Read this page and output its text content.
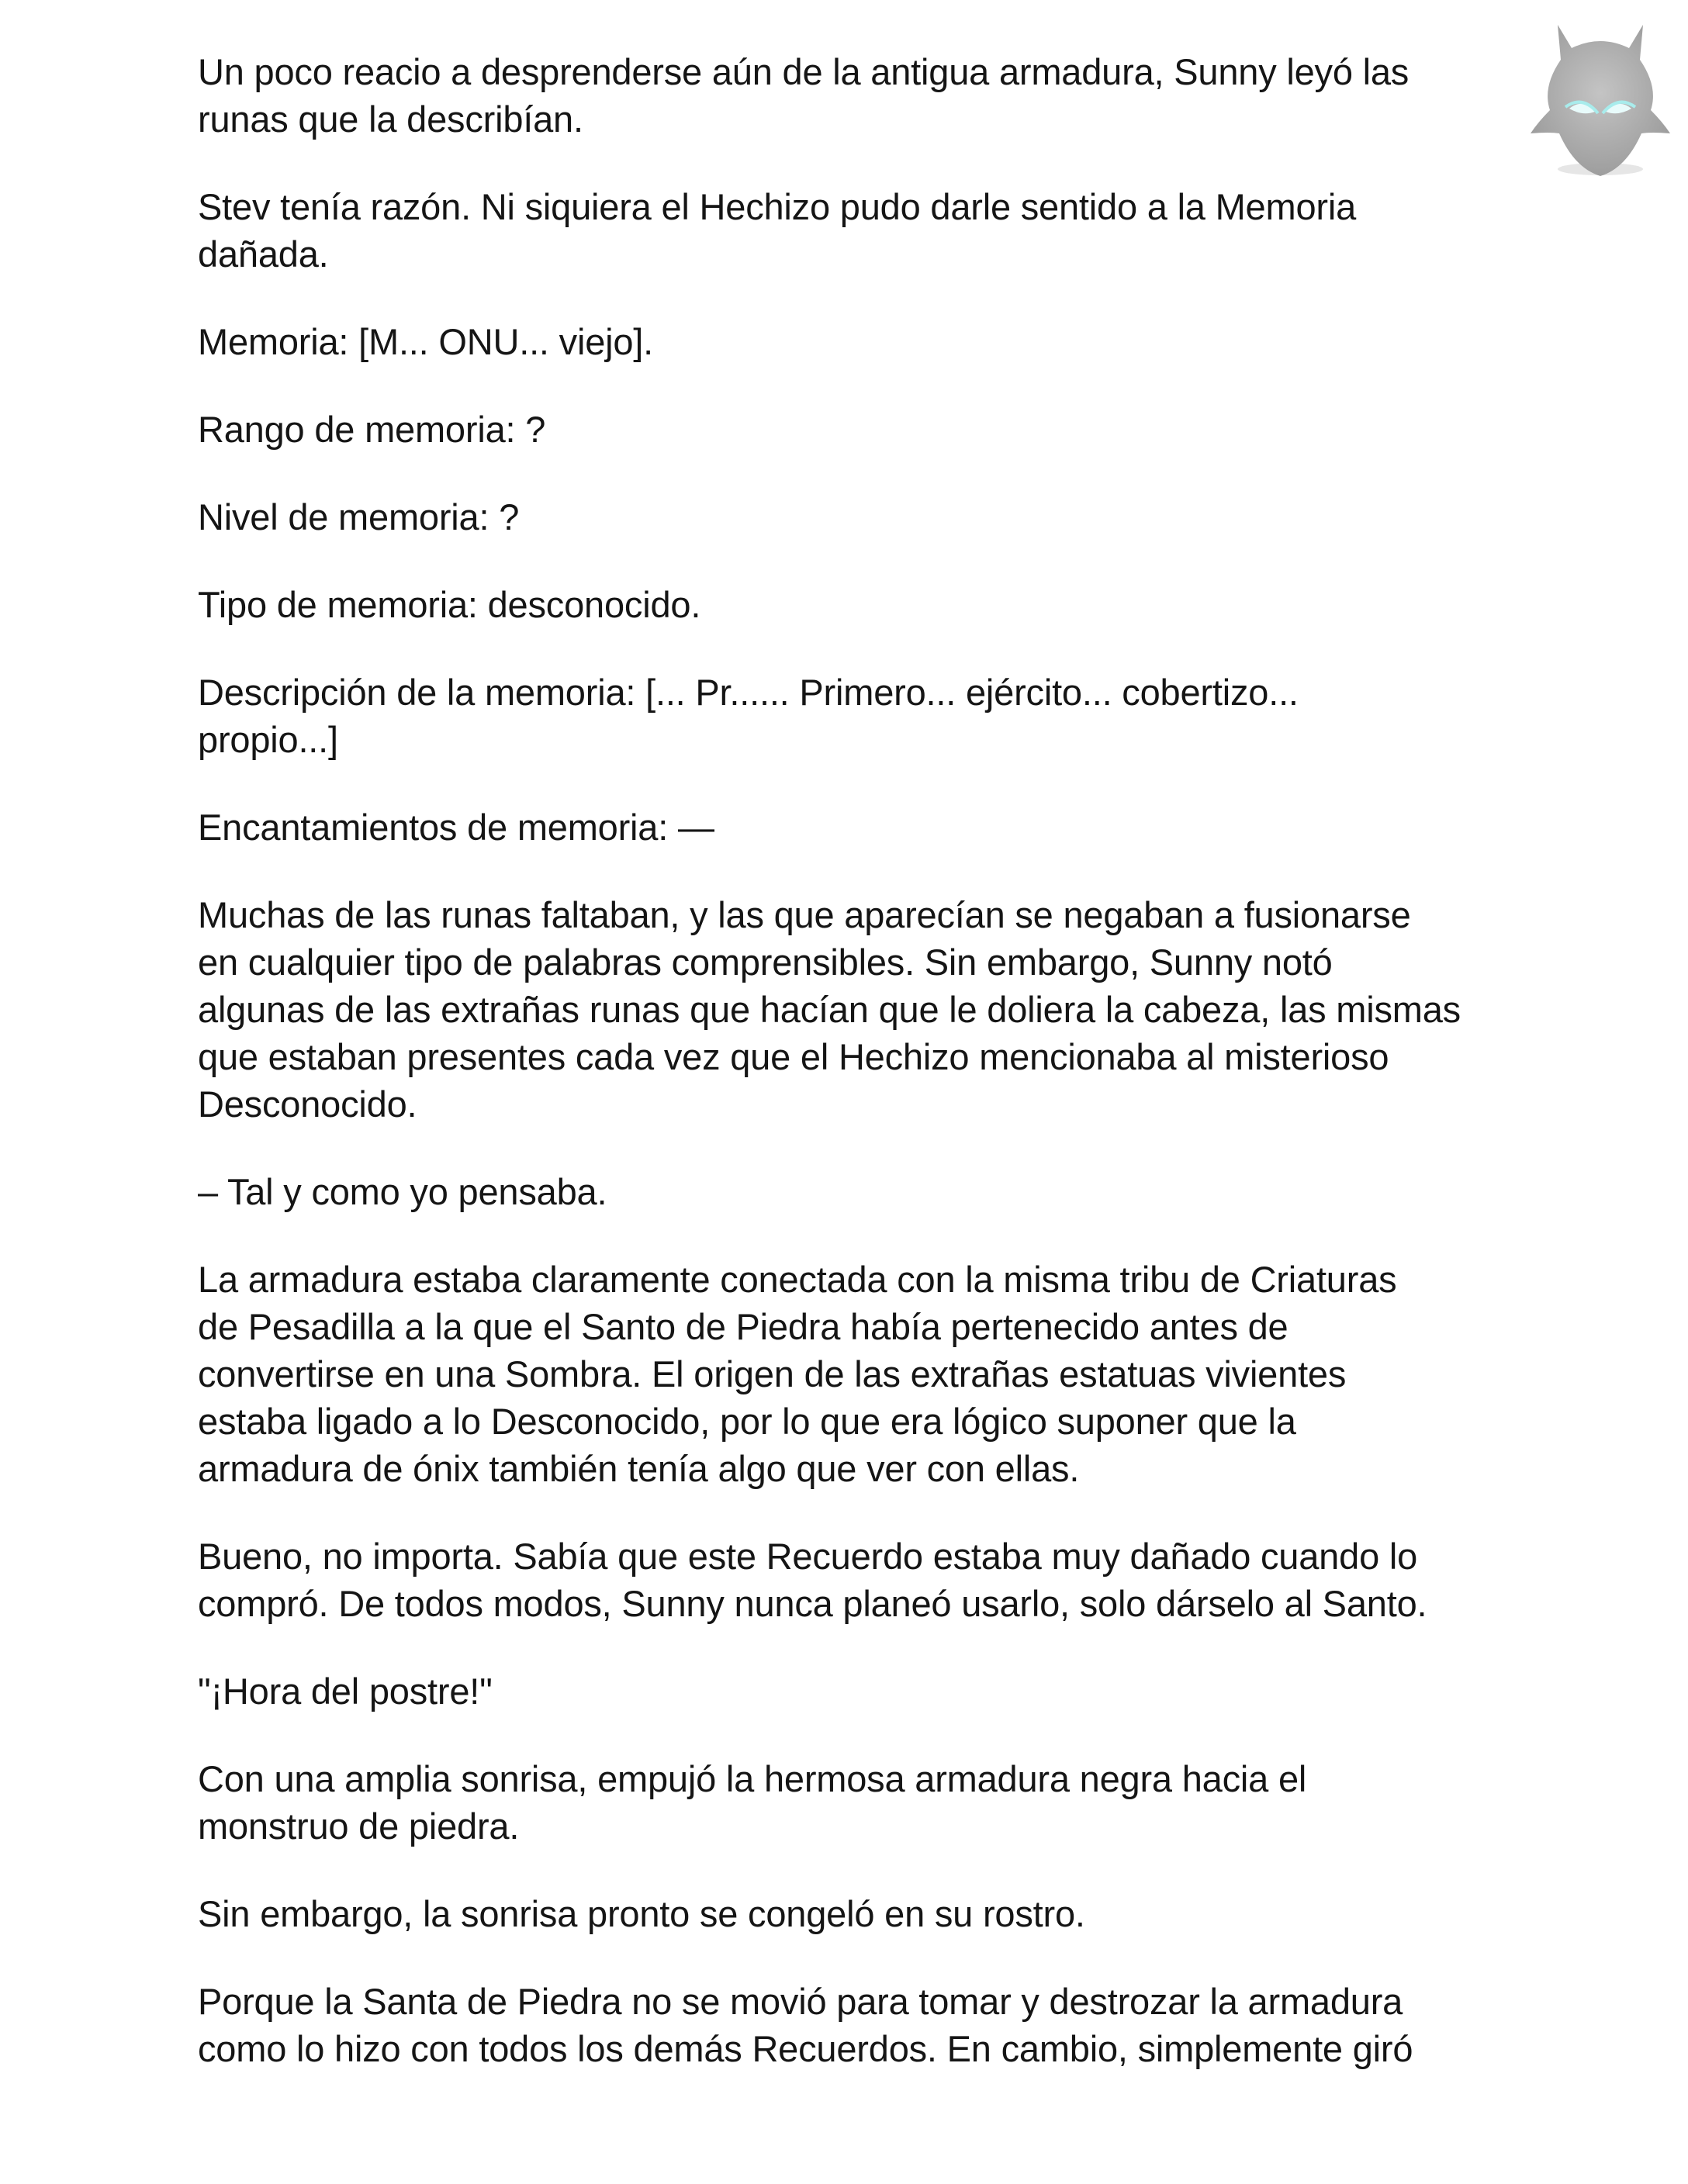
Un poco reacio a desprenderse aún de la antigua armadura, Sunny leyó las
runas que la describían.

Stev tenía razón. Ni siquiera el Hechizo pudo darle sentido a la Memoria
dañada.

Memoria: [M... ONU... viejo].

Rango de memoria: ?

Nivel de memoria: ?

Tipo de memoria: desconocido.

Descripción de la memoria: [... Pr...... Primero... ejército... cobertizo...
propio...]

Encantamientos de memoria: —

Muchas de las runas faltaban, y las que aparecían se negaban a fusionarse
en cualquier tipo de palabras comprensibles. Sin embargo, Sunny notó
algunas de las extrañas runas que hacían que le doliera la cabeza, las mismas
que estaban presentes cada vez que el Hechizo mencionaba al misterioso
Desconocido.

– Tal y como yo pensaba.

La armadura estaba claramente conectada con la misma tribu de Criaturas
de Pesadilla a la que el Santo de Piedra había pertenecido antes de
convertirse en una Sombra. El origen de las extrañas estatuas vivientes
estaba ligado a lo Desconocido, por lo que era lógico suponer que la
armadura de ónix también tenía algo que ver con ellas.

Bueno, no importa. Sabía que este Recuerdo estaba muy dañado cuando lo
compró. De todos modos, Sunny nunca planeó usarlo, solo dárselo al Santo.

"¡Hora del postre!"

Con una amplia sonrisa, empujó la hermosa armadura negra hacia el
monstruo de piedra.

Sin embargo, la sonrisa pronto se congeló en su rostro.

Porque la Santa de Piedra no se movió para tomar y destrozar la armadura
como lo hizo con todos los demás Recuerdos. En cambio, simplemente giró
